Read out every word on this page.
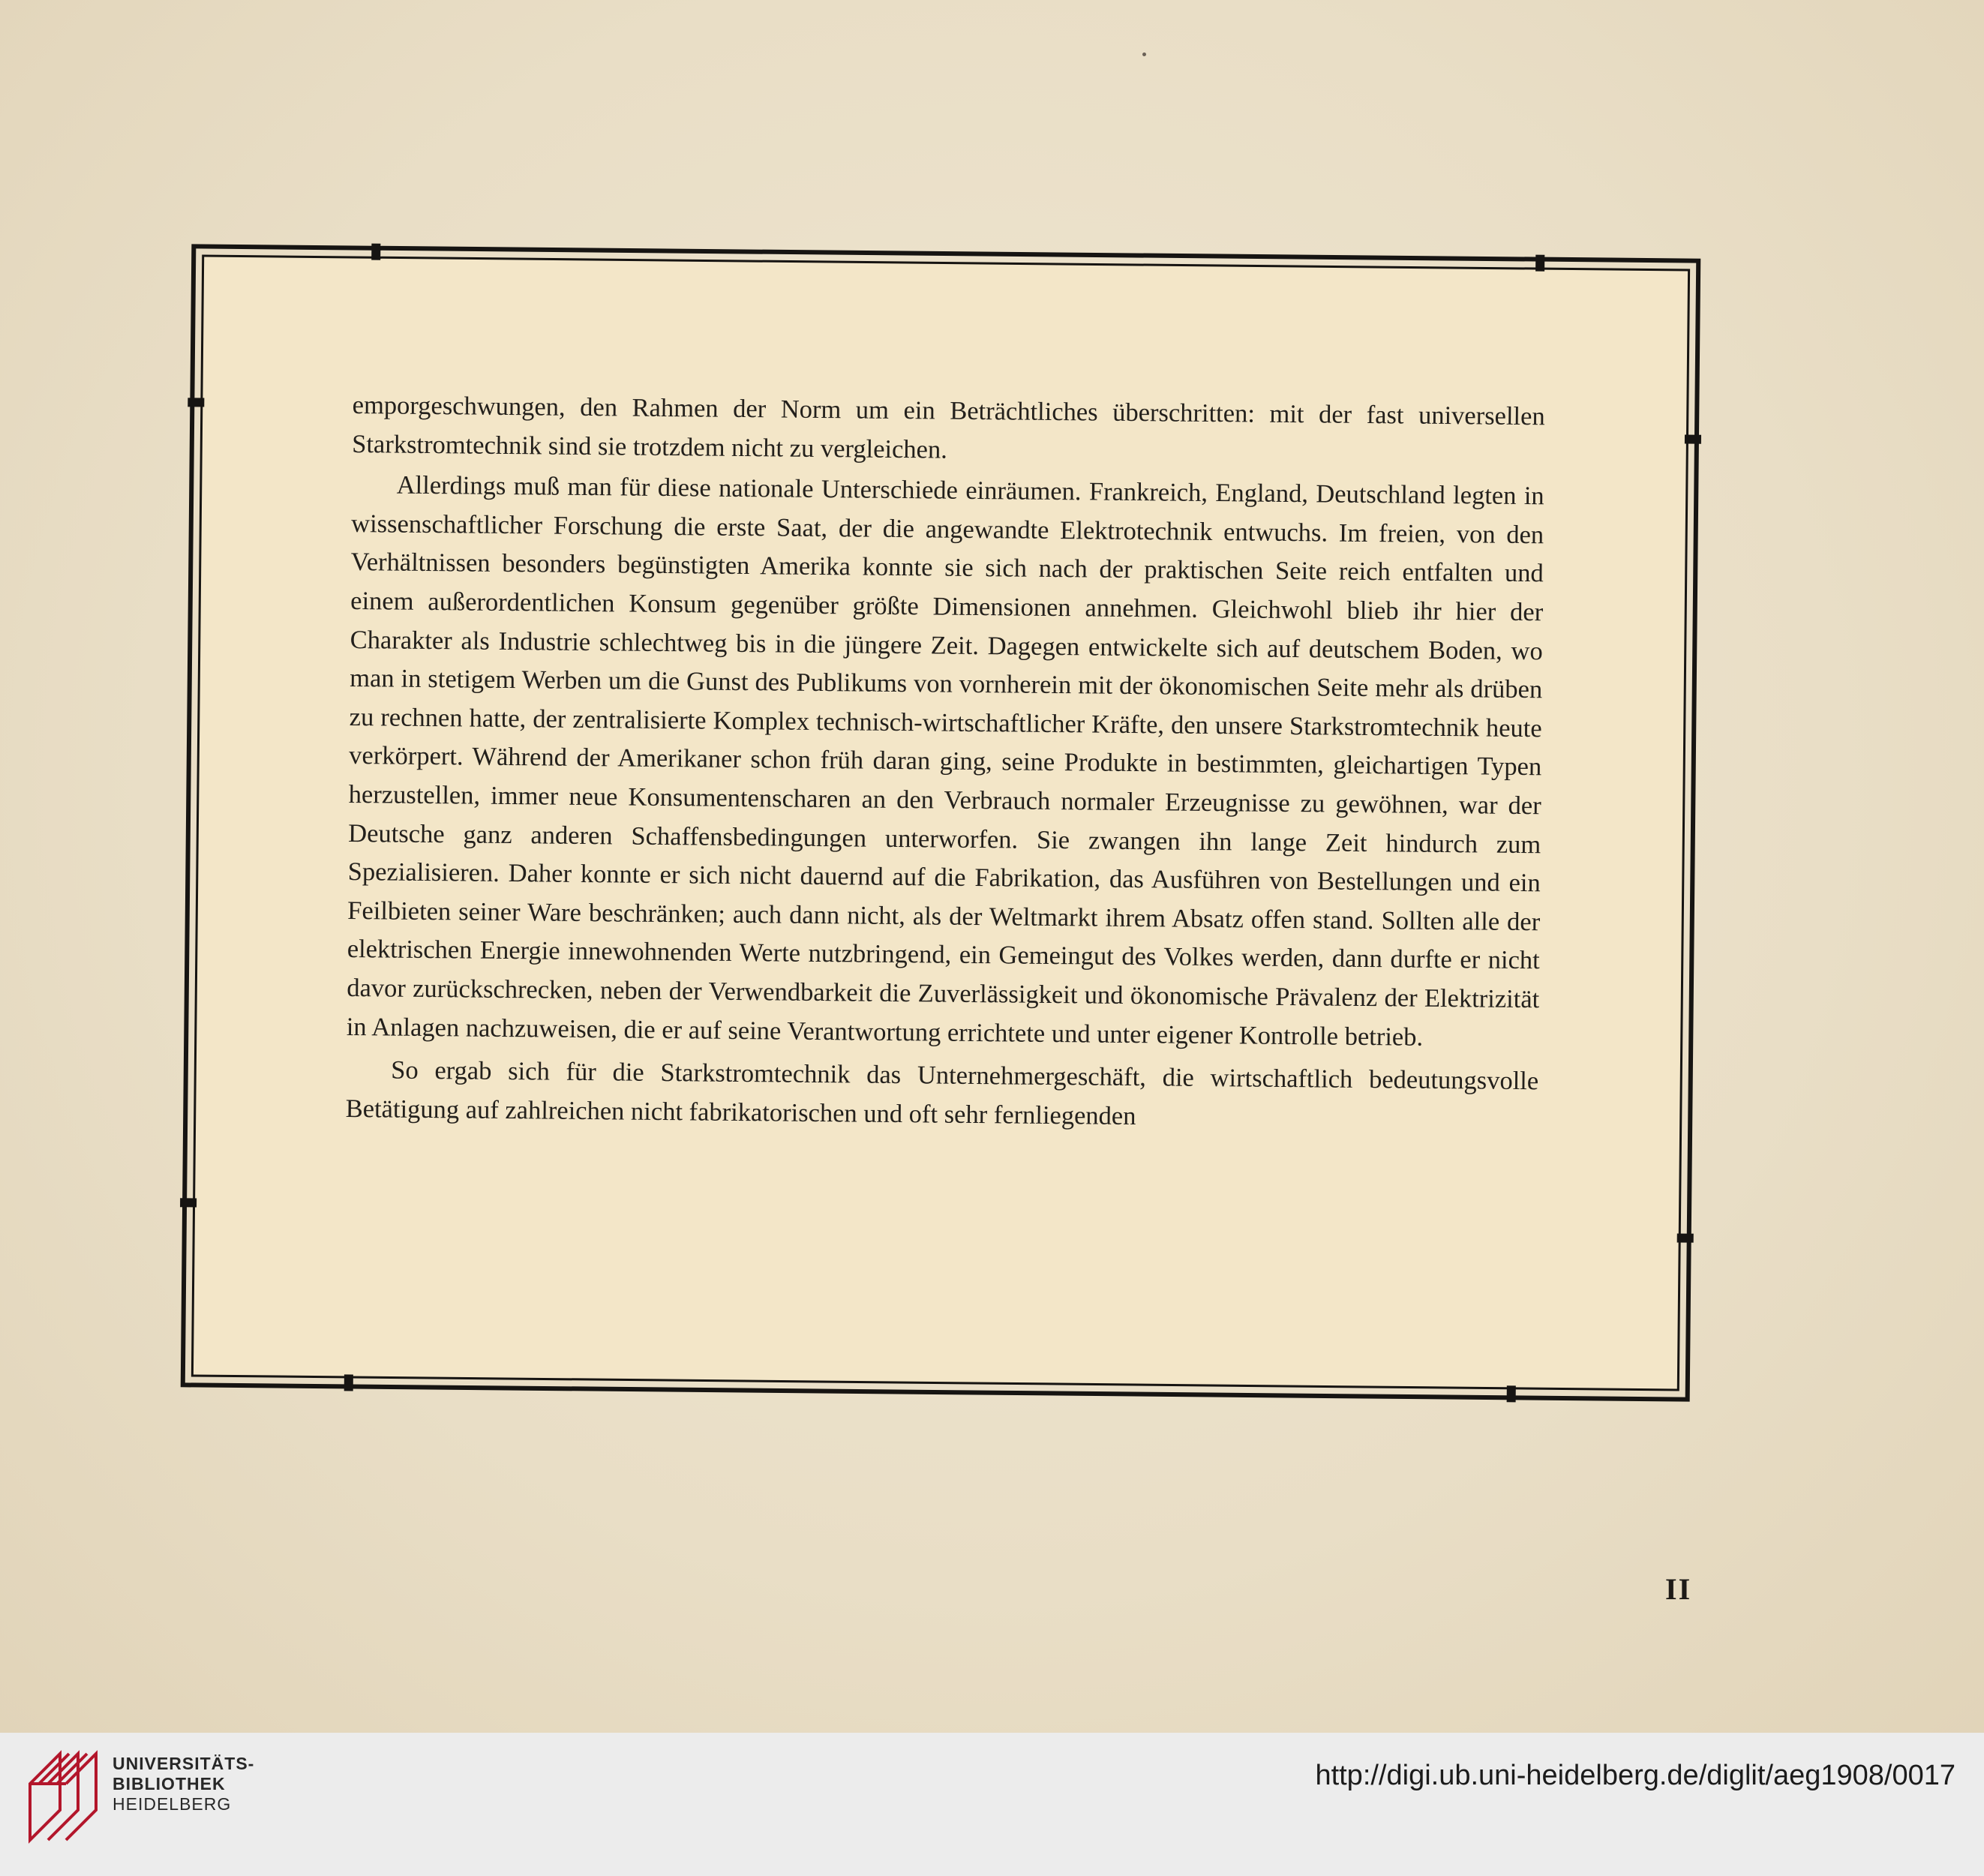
emporgeschwungen, den Rahmen der Norm um ein Beträchtliches überschritten: mit der fast universellen Starkstromtechnik sind sie trotzdem nicht zu vergleichen.

Allerdings muß man für diese nationale Unterschiede einräumen. Frankreich, England, Deutschland legten in wissenschaftlicher Forschung die erste Saat, der die angewandte Elektrotechnik entwuchs. Im freien, von den Verhältnissen besonders begünstigten Amerika konnte sie sich nach der praktischen Seite reich entfalten und einem außerordentlichen Konsum gegenüber größte Dimensionen annehmen. Gleichwohl blieb ihr hier der Charakter als Industrie schlechtweg bis in die jüngere Zeit. Dagegen entwickelte sich auf deutschem Boden, wo man in stetigem Werben um die Gunst des Publikums von vornherein mit der ökonomischen Seite mehr als drüben zu rechnen hatte, der zentralisierte Komplex technisch-wirtschaftlicher Kräfte, den unsere Starkstromtechnik heute verkörpert. Während der Amerikaner schon früh daran ging, seine Produkte in bestimmten, gleichartigen Typen herzustellen, immer neue Konsumentenscharen an den Verbrauch normaler Erzeugnisse zu gewöhnen, war der Deutsche ganz anderen Schaffensbedingungen unterworfen. Sie zwangen ihn lange Zeit hindurch zum Spezialisieren. Daher konnte er sich nicht dauernd auf die Fabrikation, das Ausführen von Bestellungen und ein Feilbieten seiner Ware beschränken; auch dann nicht, als der Weltmarkt ihrem Absatz offen stand. Sollten alle der elektrischen Energie innewohnenden Werte nutzbringend, ein Gemeingut des Volkes werden, dann durfte er nicht davor zurückschrecken, neben der Verwendbarkeit die Zuverlässigkeit und ökonomische Prävalenz der Elektrizität in Anlagen nachzuweisen, die er auf seine Verantwortung errichtete und unter eigener Kontrolle betrieb.

So ergab sich für die Starkstromtechnik das Unternehmergeschäft, die wirtschaftlich bedeutungsvolle Betätigung auf zahlreichen nicht fabrikatorischen und oft sehr fernliegenden

II
UNIVERSITÄTS-
BIBLIOTHEK
HEIDELBERG
http://digi.ub.uni-heidelberg.de/diglit/aeg1908/0017
